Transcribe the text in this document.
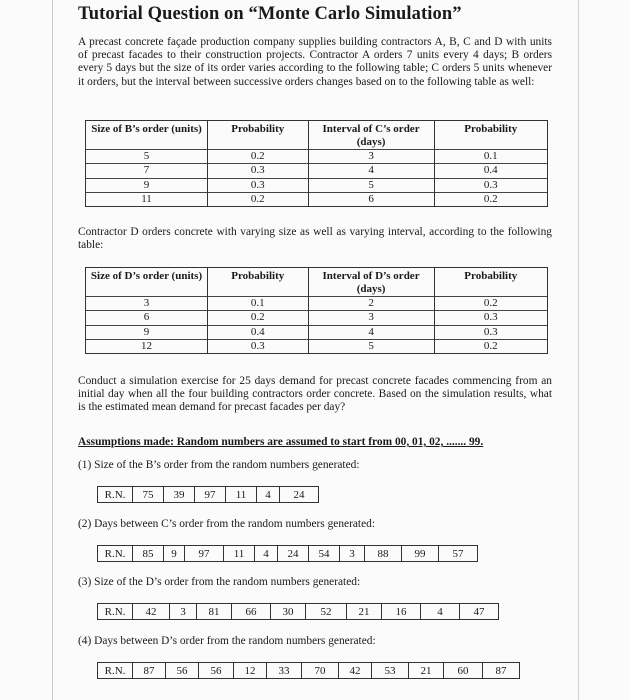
Tutorial Question on “Monte Carlo Simulation”
A precast concrete façade production company supplies building contractors A, B, C and D with units of precast facades to their construction projects. Contractor A orders 7 units every 4 days; B orders every 5 days but the size of its order varies according to the following table; C orders 5 units whenever it orders, but the interval between successive orders changes based on to the following table as well:
Size of B’s order (units)	Probability	Interval of C’s order (days)	Probability
5	0.2	3	0.1
7	0.3	4	0.4
9	0.3	5	0.3
11	0.2	6	0.2
Contractor D orders concrete with varying size as well as varying interval, according to the following table:
Size of D’s order (units)	Probability	Interval of D’s order (days)	Probability
3	0.1	2	0.2
6	0.2	3	0.3
9	0.4	4	0.3
12	0.3	5	0.2
Conduct a simulation exercise for 25 days demand for precast concrete facades commencing from an initial day when all the four building contractors order concrete. Based on the simulation results, what is the estimated mean demand for precast facades per day?
Assumptions made: Random numbers are assumed to start from 00, 01, 02, ....... 99.
(1) Size of the B’s order from the random numbers generated:
R.N.	75	39	97	11	4	24
(2) Days between C’s order from the random numbers generated:
R.N.	85	9	97	11	4	24	54	3	88	99	57
(3) Size of the D’s order from the random numbers generated:
R.N.	42	3	81	66	30	52	21	16	4	47
(4) Days between D’s order from the random numbers generated:
R.N.	87	56	56	12	33	70	42	53	21	60	87
